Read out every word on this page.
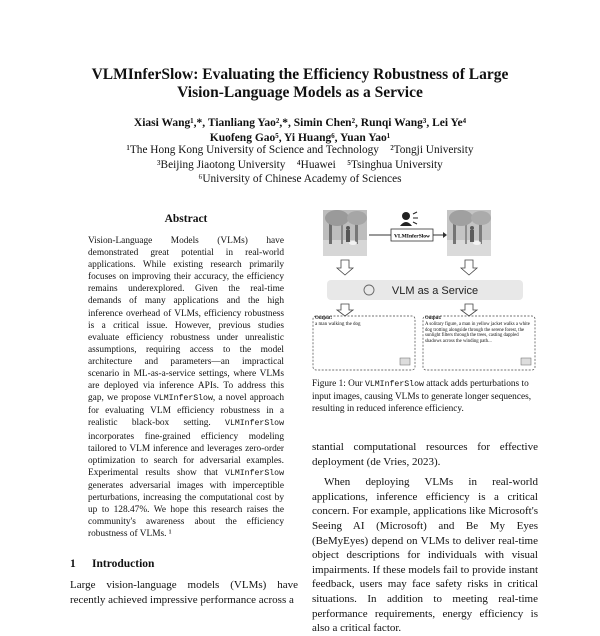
VLMInferSlow: Evaluating the Efficiency Robustness of Large
Vision-Language Models as a Service
Xiasi Wang¹,*, Tianliang Yao²,*, Simin Chen², Runqi Wang³, Lei Ye⁴
Kuofeng Gao⁵, Yi Huang⁶, Yuan Yao¹
¹The Hong Kong University of Science and Technology    ²Tongji University
³Beijing Jiaotong University    ⁴Huawei    ⁵Tsinghua University
⁶University of Chinese Academy of Sciences
Abstract
Vision-Language Models (VLMs) have demonstrated great potential in real-world applications. While existing research primarily focuses on improving their accuracy, the efficiency remains underexplored. Given the real-time demands of many applications and the high inference overhead of VLMs, efficiency robustness is a critical issue. However, previous studies evaluate efficiency robustness under unrealistic assumptions, requiring access to the model architecture and parameters—an impractical scenario in ML-as-a-service settings, where VLMs are deployed via inference APIs. To address this gap, we propose VLMInferSlow, a novel approach for evaluating VLM efficiency robustness in a realistic black-box setting. VLMInferSlow incorporates fine-grained efficiency modeling tailored to VLM inference and leverages zero-order optimization to search for adversarial examples. Experimental results show that VLMInferSlow generates adversarial images with imperceptible perturbations, increasing the computational cost by up to 128.47%. We hope this research raises the community's awareness about the efficiency robustness of VLMs. ¹
1 Introduction
Large vision-language models (VLMs) have recently achieved impressive performance across a
VLMInferSlow
VLM as a Service
Output:
a man walking the dog
Output:
A solitary figure, a man in yellow jacket walks a white dog trotting alongside through the serene forest, the sunlight filters through the trees, casting dappled shadows across the winding path...
Figure 1: Our VLMInferSlow attack adds perturbations to input images, causing VLMs to generate longer sequences, resulting in reduced inference efficiency.

stantial computational resources for effective deployment (de Vries, 2023).

When deploying VLMs in real-world applications, inference efficiency is a critical concern. For example, applications like Microsoft's Seeing AI (Microsoft) and Be My Eyes (BeMyEyes) depend on VLMs to deliver real-time object descriptions for individuals with visual impairments. If these models fail to provide instant feedback, users may face safety risks in critical situations. In addition to meeting real-time performance requirements, energy efficiency is also a critical factor.
